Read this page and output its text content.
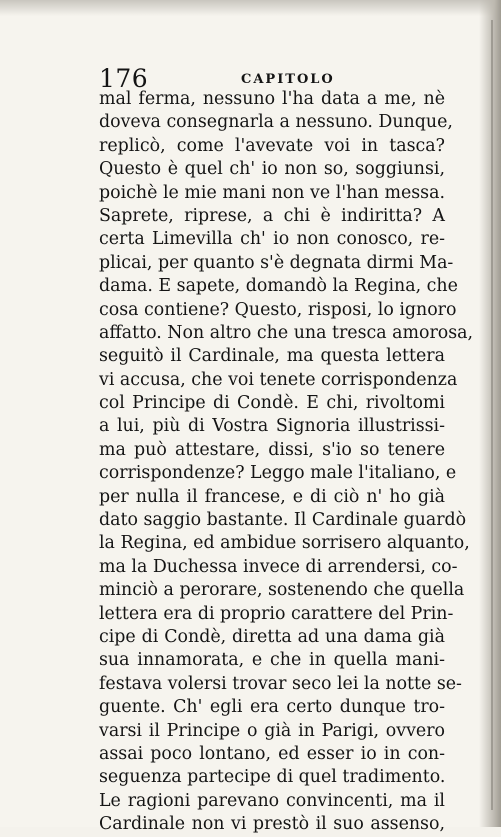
176	CAPITOLO
mal ferma, nessuno l'ha data a me, nè
doveva consegnarla a nessuno. Dunque,
replicò, come l'avevate voi in tasca?
Questo è quel ch' io non so, soggiunsi,
poichè le mie mani non ve l'han messa.
Saprete, riprese, a chi è indiritta? A
certa Limevilla ch' io non conosco, re-
plicai, per quanto s'è degnata dirmi Ma-
dama. E sapete, domandò la Regina, che
cosa contiene? Questo, risposi, lo ignoro
affatto. Non altro che una tresca amorosa,
seguitò il Cardinale, ma questa lettera
vi accusa, che voi tenete corrispondenza
col Principe di Condè. E chi, rivoltomi
a lui, più di Vostra Signoria illustrissi-
ma può attestare, dissi, s'io so tenere
corrispondenze? Leggo male l'italiano, e
per nulla il francese, e di ciò n' ho già
dato saggio bastante. Il Cardinale guardò
la Regina, ed ambidue sorrisero alquanto,
ma la Duchessa invece di arrendersi, co-
minciò a perorare, sostenendo che quella
lettera era di proprio carattere del Prin-
cipe di Condè, diretta ad una dama già
sua innamorata, e che in quella mani-
festava volersi trovar seco lei la notte se-
guente. Ch' egli era certo dunque tro-
varsi il Principe o già in Parigi, ovvero
assai poco lontano, ed esser io in con-
seguenza partecipe di quel tradimento.
Le ragioni parevano convincenti, ma il
Cardinale non vi prestò il suo assenso,
